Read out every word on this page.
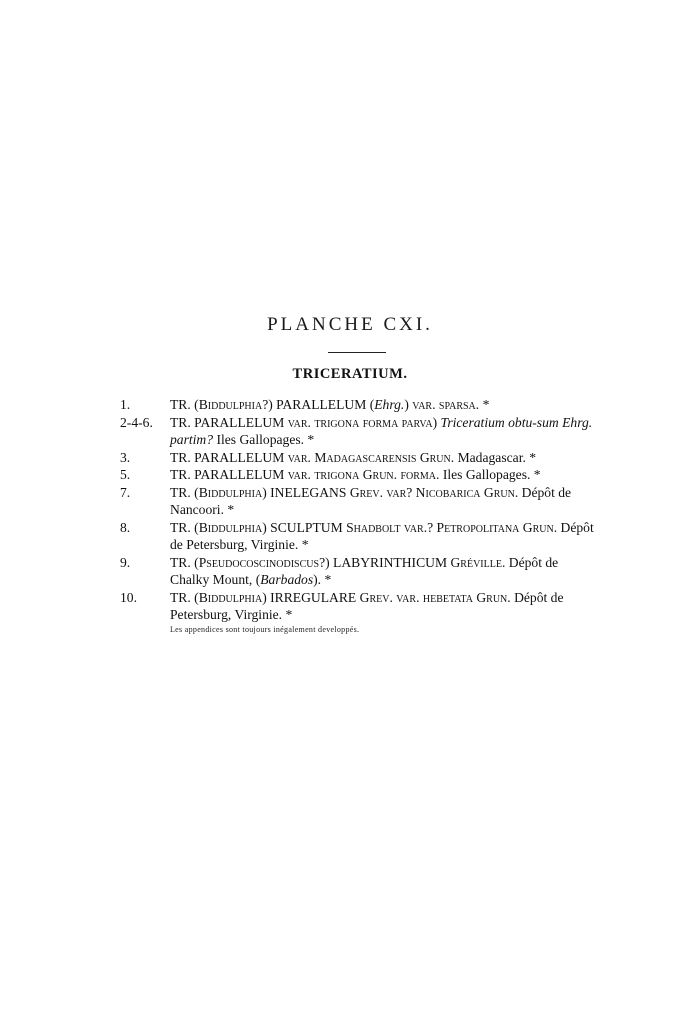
PLANCHE CXI.
TRICERATIUM.
1.	TR. (Biddulphia?) PARALLELUM (Ehrg.) var. sparsa. *
2-4-6.	TR. PARALLELUM var. trigona forma parva) Triceratium obtu-sum Ehrg. partim? Iles Gallopages. *
3.	TR. PARALLELUM var. Madagascarensis Grun. Madagascar. *
5.	TR. PARALLELUM var. trigona Grun. forma. Iles Gallopages. *
7.	TR. (Biddulphia) INELEGANS Grev. var? Nicobarica Grun. Dépôt de Nancoori. *
8.	TR. (Biddulphia) SCULPTUM Shadbolt var.? Petropolitana Grun. Dépôt de Petersburg, Virginie. *
9.	TR. (Pseudocoscinodiscus?) LABYRINTHICUM Gréville. Dépôt de Chalky Mount, (Barbados). *
10.	TR. (Biddulphia) IRREGULARE Grev. var. hebetata Grun. Dépôt de Petersburg, Virginie. *
Les appendices sont toujours inégalement developpés.
